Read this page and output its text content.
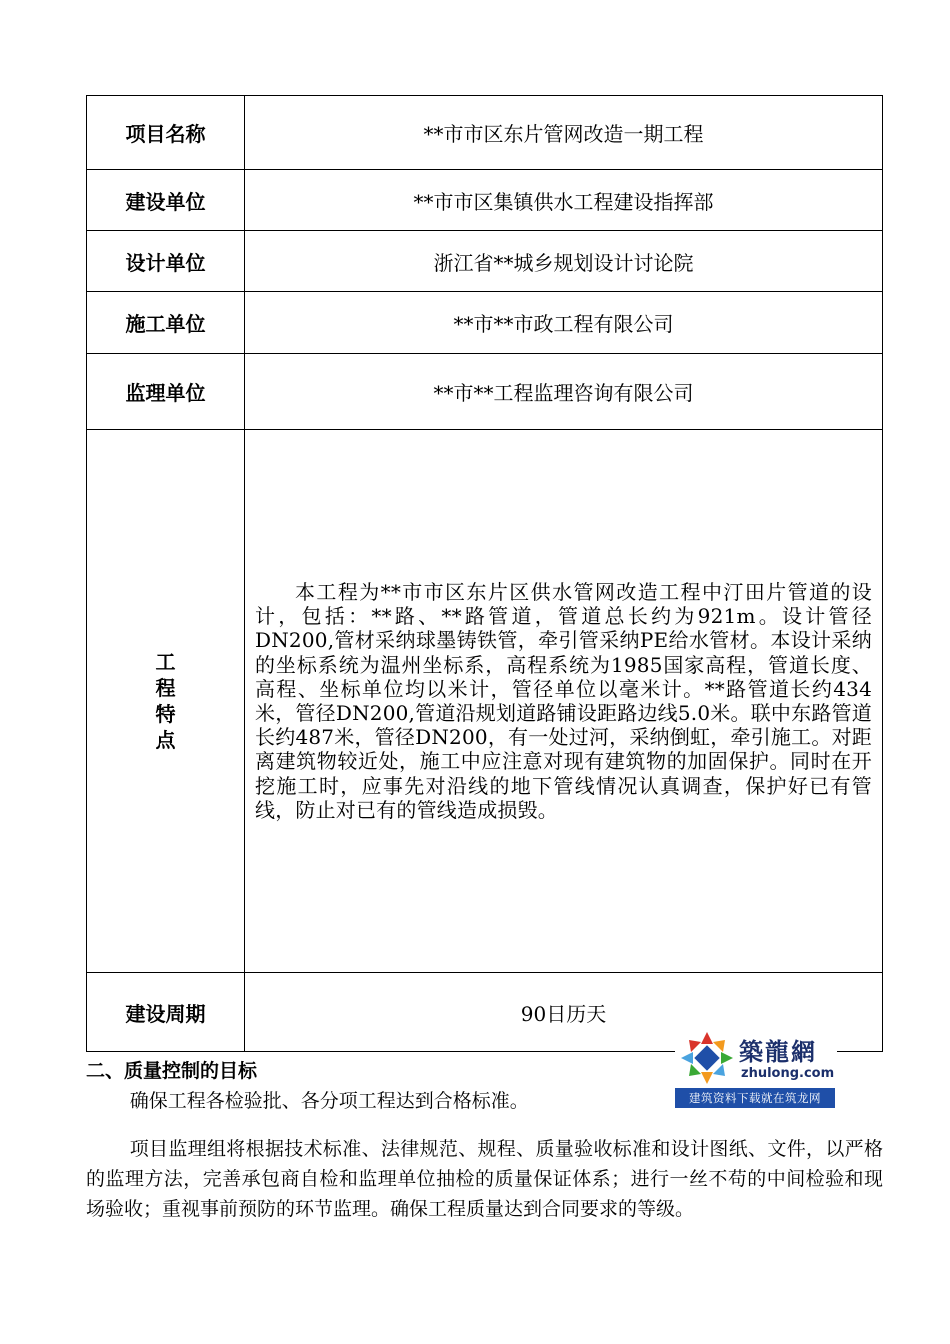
项目名称	**市市区东片管网改造一期工程
建设单位	**市市区集镇供水工程建设指挥部
设计单位	浙江省**城乡规划设计讨论院
施工单位	**市**市政工程有限公司
监理单位	**市**工程监理咨询有限公司
工程特点	本工程为**市市区东片区供水管网改造工程中汀田片管道的设计，包括：**路、**路管道，管道总长约为921m。设计管径DN200,管材采纳球墨铸铁管，牵引管采纳PE给水管材。本设计采纳的坐标系统为温州坐标系，高程系统为1985国家高程，管道长度、高程、坐标单位均以米计，管径单位以毫米计。**路管道长约434米，管径DN200,管道沿规划道路铺设距路边线5.0米。联中东路管道长约487米，管径DN200，有一处过河，采纳倒虹，牵引施工。对距离建筑物较近处，施工中应注意对现有建筑物的加固保护。同时在开挖施工时，应事先对沿线的地下管线情况认真调查，保护好已有管线，防止对已有的管线造成损毁。
建设周期	90日历天
築龍網
zhulong.com
建筑资料下载就在筑龙网
二、质量控制的目标
确保工程各检验批、各分项工程达到合格标准。
项目监理组将根据技术标准、法律规范、规程、质量验收标准和设计图纸、文件，以严格的监理方法，完善承包商自检和监理单位抽检的质量保证体系；进行一丝不苟的中间检验和现场验收；重视事前预防的环节监理。确保工程质量达到合同要求的等级。
